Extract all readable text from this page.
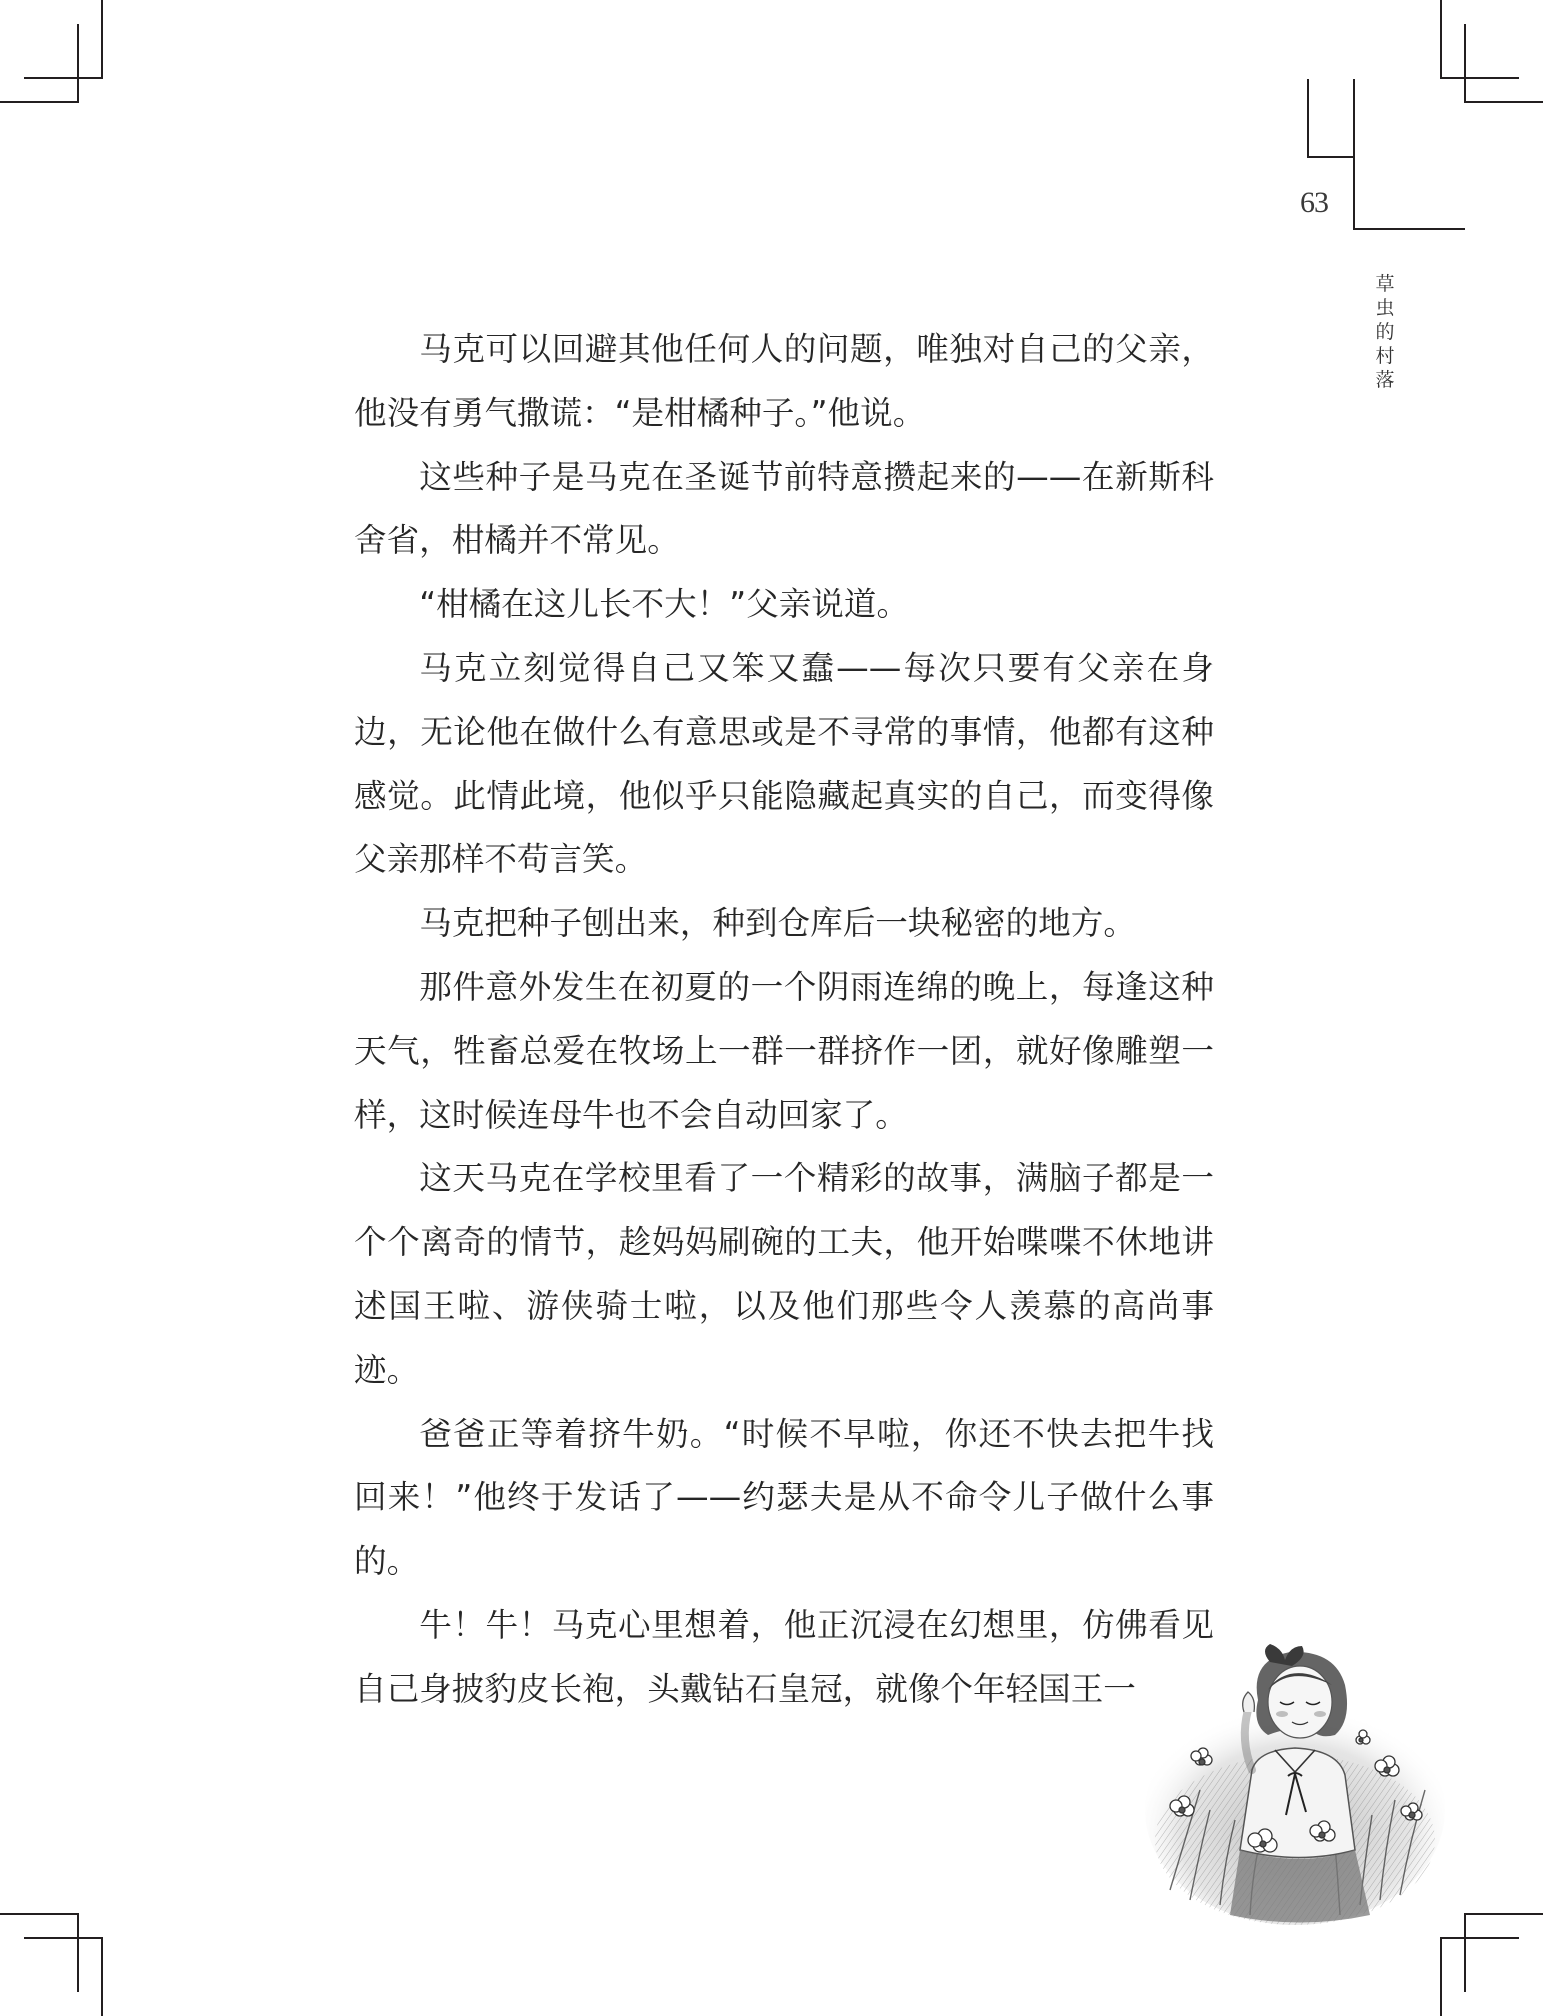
63
草
虫
的
村
落

马克可以回避其他任何人的问题，唯独对自己的父亲，他没有勇气撒谎：“是柑橘种子。”他说。

这些种子是马克在圣诞节前特意攒起来的——在新斯科舍省，柑橘并不常见。

“柑橘在这儿长不大！”父亲说道。

马克立刻觉得自己又笨又蠢——每次只要有父亲在身边，无论他在做什么有意思或是不寻常的事情，他都有这种感觉。此情此境，他似乎只能隐藏起真实的自己，而变得像父亲那样不苟言笑。

马克把种子刨出来，种到仓库后一块秘密的地方。

那件意外发生在初夏的一个阴雨连绵的晚上，每逢这种天气，牲畜总爱在牧场上一群一群挤作一团，就好像雕塑一样，这时候连母牛也不会自动回家了。

这天马克在学校里看了一个精彩的故事，满脑子都是一个个离奇的情节，趁妈妈刷碗的工夫，他开始喋喋不休地讲述国王啦、游侠骑士啦，以及他们那些令人羡慕的高尚事迹。

爸爸正等着挤牛奶。“时候不早啦，你还不快去把牛找回来！”他终于发话了——约瑟夫是从不命令儿子做什么事的。

牛！牛！马克心里想着，他正沉浸在幻想里，仿佛看见自己身披豹皮长袍，头戴钻石皇冠，就像个年轻国王一
